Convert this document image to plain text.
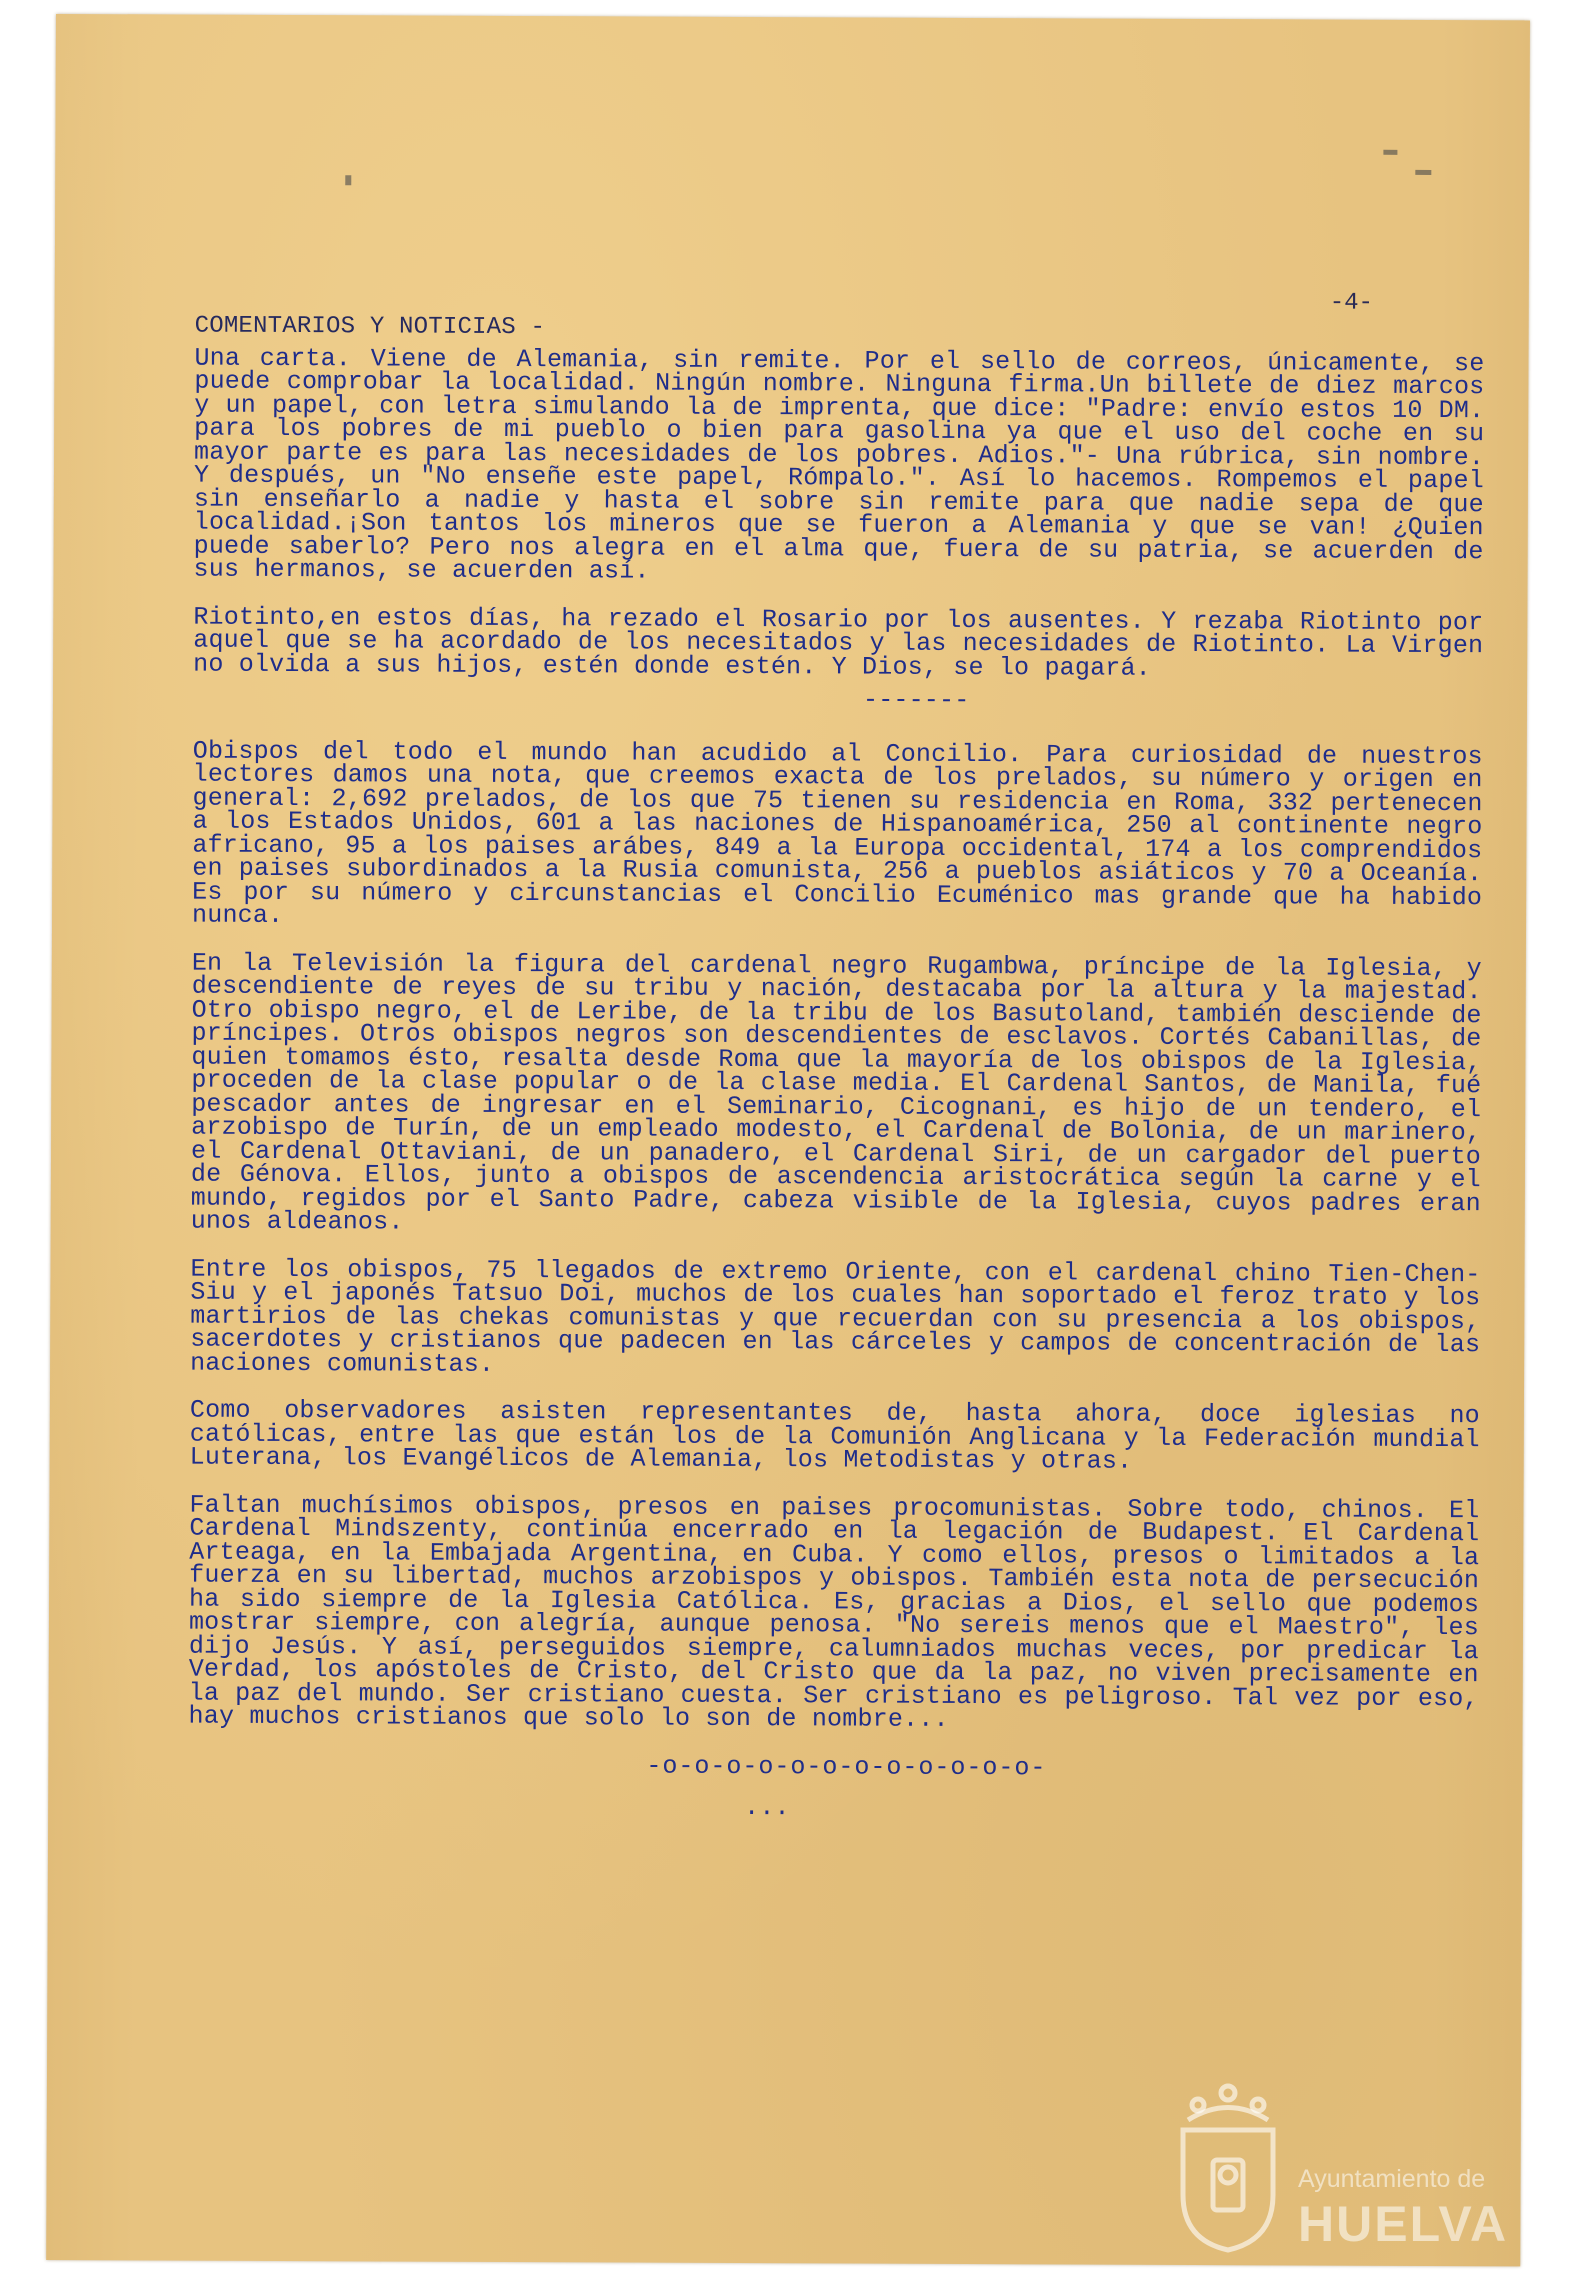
-4-
COMENTARIOS Y NOTICIAS -

Una carta. Viene de Alemania, sin remite. Por el sello de correos, únicamente, se puede comprobar la localidad. Ningún nombre. Ninguna firma.Un billete de diez marcos y un papel, con letra simulando la de imprenta, que dice: "Padre: envío estos 10 DM. para los pobres de mi pueblo o bien para gasolina ya que el uso del coche en su mayor parte es para las necesidades de los pobres. Adios."- Una rúbrica, sin nombre. Y después, un "No enseñe este papel, Rómpalo.". Así lo hacemos. Rompemos el papel sin enseñarlo a nadie y hasta el sobre sin remite para que nadie sepa de que localidad.¡Son tantos los mineros que se fueron a Alemania y que se van! ¿Quien puede saberlo? Pero nos alegra en el alma que, fuera de su patria, se acuerden de sus hermanos, se acuerden así.

Riotinto,en estos días, ha rezado el Rosario por los ausentes. Y rezaba Riotinto por aquel que se ha acordado de los necesitados y las necesidades de Riotinto. La Virgen no olvida a sus hijos, estén donde estén. Y Dios, se lo pagará.

-------

Obispos del todo el mundo han acudido al Concilio. Para curiosidad de nuestros lectores damos una nota, que creemos exacta de los prelados, su número y origen en general: 2,692 prelados, de los que 75 tienen su residencia en Roma, 332 pertenecen a los Estados Unidos, 601 a las naciones de Hispanoamérica, 250 al continente negro africano, 95 a los paises arábes, 849 a la Europa occidental, 174 a los comprendidos en paises subordinados a la Rusia comunista, 256 a pueblos asiáticos y 70 a Oceanía. Es por su número y circunstancias el Concilio Ecuménico mas grande que ha habido nunca.

En la Televisión la figura del cardenal negro Rugambwa, príncipe de la Iglesia, y descendiente de reyes de su tribu y nación, destacaba por la altura y la majestad. Otro obispo negro, el de Leribe, de la tribu de los Basutoland, también desciende de príncipes. Otros obispos negros son descendientes de esclavos. Cortés Cabanillas, de quien tomamos ésto, resalta desde Roma que la mayoría de los obispos de la Iglesia, proceden de la clase popular o de la clase media. El Cardenal Santos, de Manila, fué pescador antes de ingresar en el Seminario, Cicognani, es hijo de un tendero, el arzobispo de Turín, de un empleado modesto, el Cardenal de Bolonia, de un marinero, el Cardenal Ottaviani, de un panadero, el Cardenal Siri, de un cargador del puerto de Génova. Ellos, junto a obispos de ascendencia aristocrática según la carne y el mundo, regidos por el Santo Padre, cabeza visible de la Iglesia, cuyos padres eran unos aldeanos.

Entre los obispos, 75 llegados de extremo Oriente, con el cardenal chino Tien-Chen-Siu y el japonés Tatsuo Doi, muchos de los cuales han soportado el feroz trato y los martirios de las chekas comunistas y que recuerdan con su presencia a los obispos, sacerdotes y cristianos que padecen en las cárceles y campos de concentración de las naciones comunistas.

Como observadores asisten representantes de, hasta ahora, doce iglesias no católicas, entre las que están los de la Comunión Anglicana y la Federación mundial Luterana, los Evangélicos de Alemania, los Metodistas y otras.

Faltan muchísimos obispos, presos en paises procomunistas. Sobre todo, chinos. El Cardenal Mindszenty, continúa encerrado en la legación de Budapest. El Cardenal Arteaga, en la Embajada Argentina, en Cuba. Y como ellos, presos o limitados a la fuerza en su libertad, muchos arzobispos y obispos. También esta nota de persecución ha sido siempre de la Iglesia Católica. Es, gracias a Dios, el sello que podemos mostrar siempre, con alegría, aunque penosa. "No sereis menos que el Maestro", les dijo Jesús. Y así, perseguidos siempre, calumniados muchas veces, por predicar la Verdad, los apóstoles de Cristo, del Cristo que da la paz, no viven precisamente en la paz del mundo. Ser cristiano cuesta. Ser cristiano es peligroso. Tal vez por eso, hay muchos cristianos que solo lo son de nombre...

-o-o-o-o-o-o-o-o-o-o-o-o-
...
Ayuntamiento de
HUELVA
